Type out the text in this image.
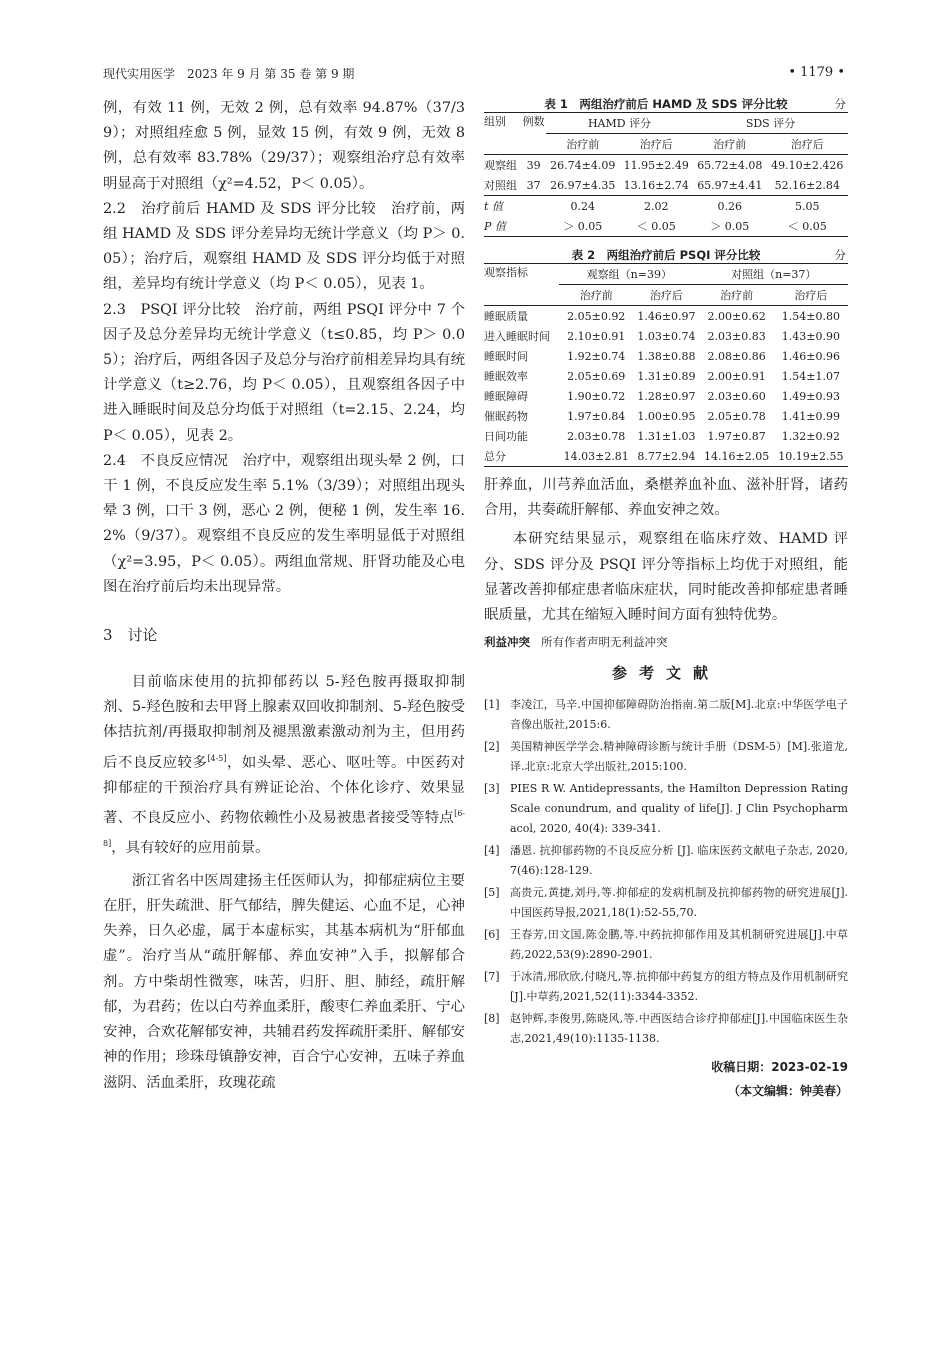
现代实用医学　2023 年 9 月 第 35 卷 第 9 期	• 1179 •

例，有效 11 例，无效 2 例，总有效率 94.87%（37/39）；对照组痊愈 5 例，显效 15 例，有效 9 例，无效 8 例，总有效率 83.78%（29/37）；观察组治疗总有效率明显高于对照组（χ²=4.52，P＜ 0.05）。

2.2　治疗前后 HAMD 及 SDS 评分比较　治疗前，两组 HAMD 及 SDS 评分差异均无统计学意义（均 P＞ 0.05）；治疗后，观察组 HAMD 及 SDS 评分均低于对照组，差异均有统计学意义（均 P＜ 0.05），见表 1。

2.3　PSQI 评分比较　治疗前，两组 PSQI 评分中 7 个因子及总分差异均无统计学意义（t≤0.85，均 P＞ 0.05）；治疗后，两组各因子及总分与治疗前相差异均具有统计学意义（t≥2.76，均 P＜ 0.05），且观察组各因子中进入睡眠时间及总分均低于对照组（t=2.15、2.24，均 P＜ 0.05），见表 2。

2.4　不良反应情况　治疗中，观察组出现头晕 2 例，口干 1 例，不良反应发生率 5.1%（3/39）；对照组出现头晕 3 例，口干 3 例，恶心 2 例，便秘 1 例，发生率 16.2%（9/37）。观察组不良反应的发生率明显低于对照组（χ²=3.95，P＜ 0.05）。两组血常规、肝肾功能及心电图在治疗前后均未出现异常。

3　讨论

目前临床使用的抗抑郁药以 5-羟色胺再摄取抑制剂、5-羟色胺和去甲肾上腺素双回收抑制剂、5-羟色胺受体拮抗剂/再摄取抑制剂及褪黑激素激动剂为主，但用药后不良反应较多[4-5]，如头晕、恶心、呕吐等。中医药对抑郁症的干预治疗具有辨证论治、个体化诊疗、效果显著、不良反应小、药物依赖性小及易被患者接受等特点[6-8]，具有较好的应用前景。

浙江省名中医周建扬主任医师认为，抑郁症病位主要在肝，肝失疏泄、肝气郁结，脾失健运、心血不足，心神失养，日久必虚，属于本虚标实，其基本病机为“肝郁血虚”。治疗当从“疏肝解郁、养血安神”入手，拟解郁合剂。方中柴胡性微寒，味苦，归肝、胆、肺经，疏肝解郁，为君药；佐以白芍养血柔肝，酸枣仁养血柔肝、宁心安神，合欢花解郁安神，共辅君药发挥疏肝柔肝、解郁安神的作用；珍珠母镇静安神，百合宁心安神，五味子养血滋阴、活血柔肝，玫瑰花疏

表 1　两组治疗前后 HAMD 及 SDS 评分比较	分
组别	例数	HAMD 评分		SDS 评分	
		治疗前	治疗后	治疗前	治疗后
观察组	39	26.74±4.09	11.95±2.49	65.72±4.08	49.10±2.426
对照组	37	26.97±4.35	13.16±2.74	65.97±4.41	52.16±2.84
t 值		0.24	2.02	0.26	5.05
P 值		＞ 0.05	＜ 0.05	＞ 0.05	＜ 0.05
表 2　两组治疗前后 PSQI 评分比较	分
观察指标	观察组（n=39）		对照组（n=37）	
	治疗前	治疗后	治疗前	治疗后
睡眠质量	2.05±0.92	1.46±0.97	2.00±0.62	1.54±0.80
进入睡眠时间	2.10±0.91	1.03±0.74	2.03±0.83	1.43±0.90
睡眠时间	1.92±0.74	1.38±0.88	2.08±0.86	1.46±0.96
睡眠效率	2.05±0.69	1.31±0.89	2.00±0.91	1.54±1.07
睡眠障碍	1.90±0.72	1.28±0.97	2.03±0.60	1.49±0.93
催眠药物	1.97±0.84	1.00±0.95	2.05±0.78	1.41±0.99
日间功能	2.03±0.78	1.31±1.03	1.97±0.87	1.32±0.92
总分	14.03±2.81	8.77±2.94	14.16±2.05	10.19±2.55

肝养血，川芎养血活血，桑椹养血补血、滋补肝肾，诸药合用，共奏疏肝解郁、养血安神之效。

本研究结果显示，观察组在临床疗效、HAMD 评分、SDS 评分及 PSQI 评分等指标上均优于对照组，能显著改善抑郁症患者临床症状，同时能改善抑郁症患者睡眠质量，尤其在缩短入睡时间方面有独特优势。

利益冲突 所有作者声明无利益冲突
参考文献
[1] 李凌江，马辛.中国抑郁障碍防治指南.第二版[M].北京:中华医学电子音像出版社,2015:6.
[2] 美国精神医学学会.精神障碍诊断与统计手册（DSM-5）[M].张道龙,译.北京:北京大学出版社,2015:100.
[3] PIES R W. Antidepressants, the Hamilton Depression Rating Scale conundrum, and quality of life[J]. J Clin Psychopharmacol, 2020, 40(4): 339-341.
[4] 潘恩. 抗抑郁药物的不良反应分析 [J]. 临床医药文献电子杂志, 2020,7(46):128-129.
[5] 高贵元,黄捷,刘丹,等.抑郁症的发病机制及抗抑郁药物的研究进展[J].中国医药导报,2021,18(1):52-55,70.
[6] 王春芳,田文国,陈金鹏,等.中药抗抑郁作用及其机制研究进展[J].中草药,2022,53(9):2890-2901.
[7] 于冰清,邢欣欣,付晓凡,等.抗抑郁中药复方的组方特点及作用机制研究[J].中草药,2021,52(11):3344-3352.
[8] 赵钟辉,李俊男,陈晓风,等.中西医结合诊疗抑郁症[J].中国临床医生杂志,2021,49(10):1135-1138.
收稿日期：2023-02-19
（本文编辑：钟美春）
